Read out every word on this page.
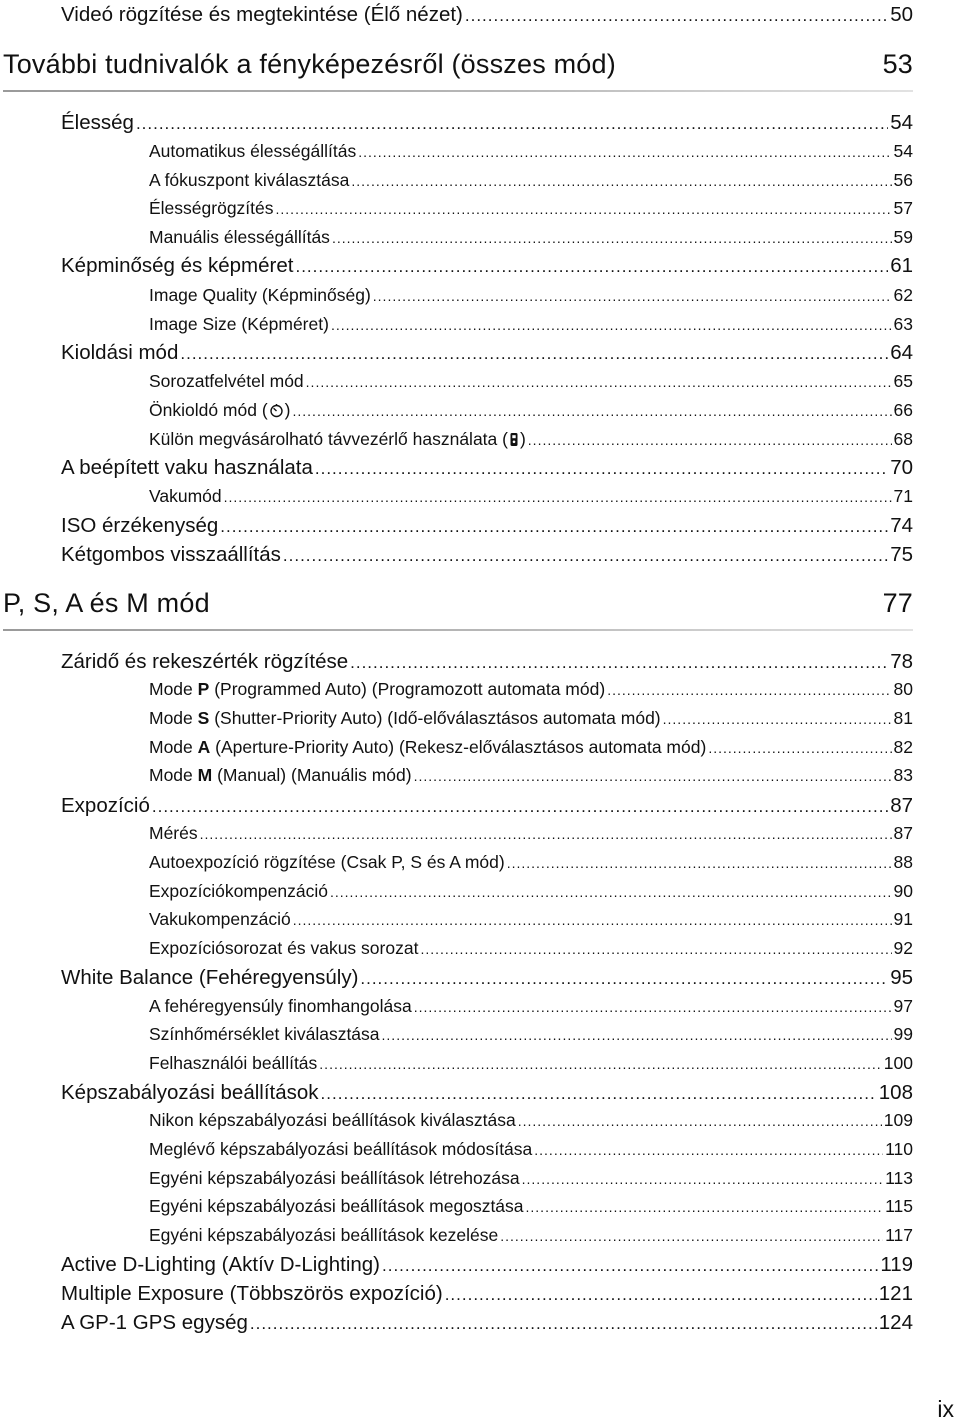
Videó rögzítése és megtekintése (Élő nézet) .....	50
További tudnivalók a fényképezésről (összes mód)	53
Élesség .....	54
Automatikus élességállítás .....	54
A fókuszpont kiválasztása .....	56
Élességrögzítés .....	57
Manuális élességállítás .....	59
Képminőség és képméret .....	61
Image Quality (Képminőség) .....	62
Image Size (Képméret) .....	63
Kioldási mód .....	64
Sorozatfelvétel mód .....	65
Önkioldó mód ( ) .....	66
Külön megvásárolható távvezérlő használata ( ) .....	68
A beépített vaku használata .....	70
Vakumód .....	71
ISO érzékenység .....	74
Kétgombos visszaállítás .....	75
P, S, A és M mód	77
Záridő és rekeszérték rögzítése .....	78
Mode P (Programmed Auto) (Programozott automata mód) .....	80
Mode S (Shutter-Priority Auto) (Idő-előválasztásos automata mód) .....	81
Mode A (Aperture-Priority Auto) (Rekesz-előválasztásos automata mód) .....	82
Mode M (Manual) (Manuális mód) .....	83
Expozíció .....	87
Mérés .....	87
Autoexpozíció rögzítése (Csak P, S és A mód) .....	88
Expozíciókompenzáció .....	90
Vakukompenzáció .....	91
Expozíciósorozat és vakus sorozat .....	92
White Balance (Fehéregyensúly) .....	95
A fehéregyensúly finomhangolása .....	97
Színhőmérséklet kiválasztása .....	99
Felhasználói beállítás .....	100
Képszabályozási beállítások .....	108
Nikon képszabályozási beállítások kiválasztása .....	109
Meglévő képszabályozási beállítások módosítása .....	110
Egyéni képszabályozási beállítások létrehozása .....	113
Egyéni képszabályozási beállítások megosztása .....	115
Egyéni képszabályozási beállítások kezelése .....	117
Active D-Lighting (Aktív D-Lighting) .....	119
Multiple Exposure (Többszörös expozíció) .....	121
A GP-1 GPS egység .....	124
ix
